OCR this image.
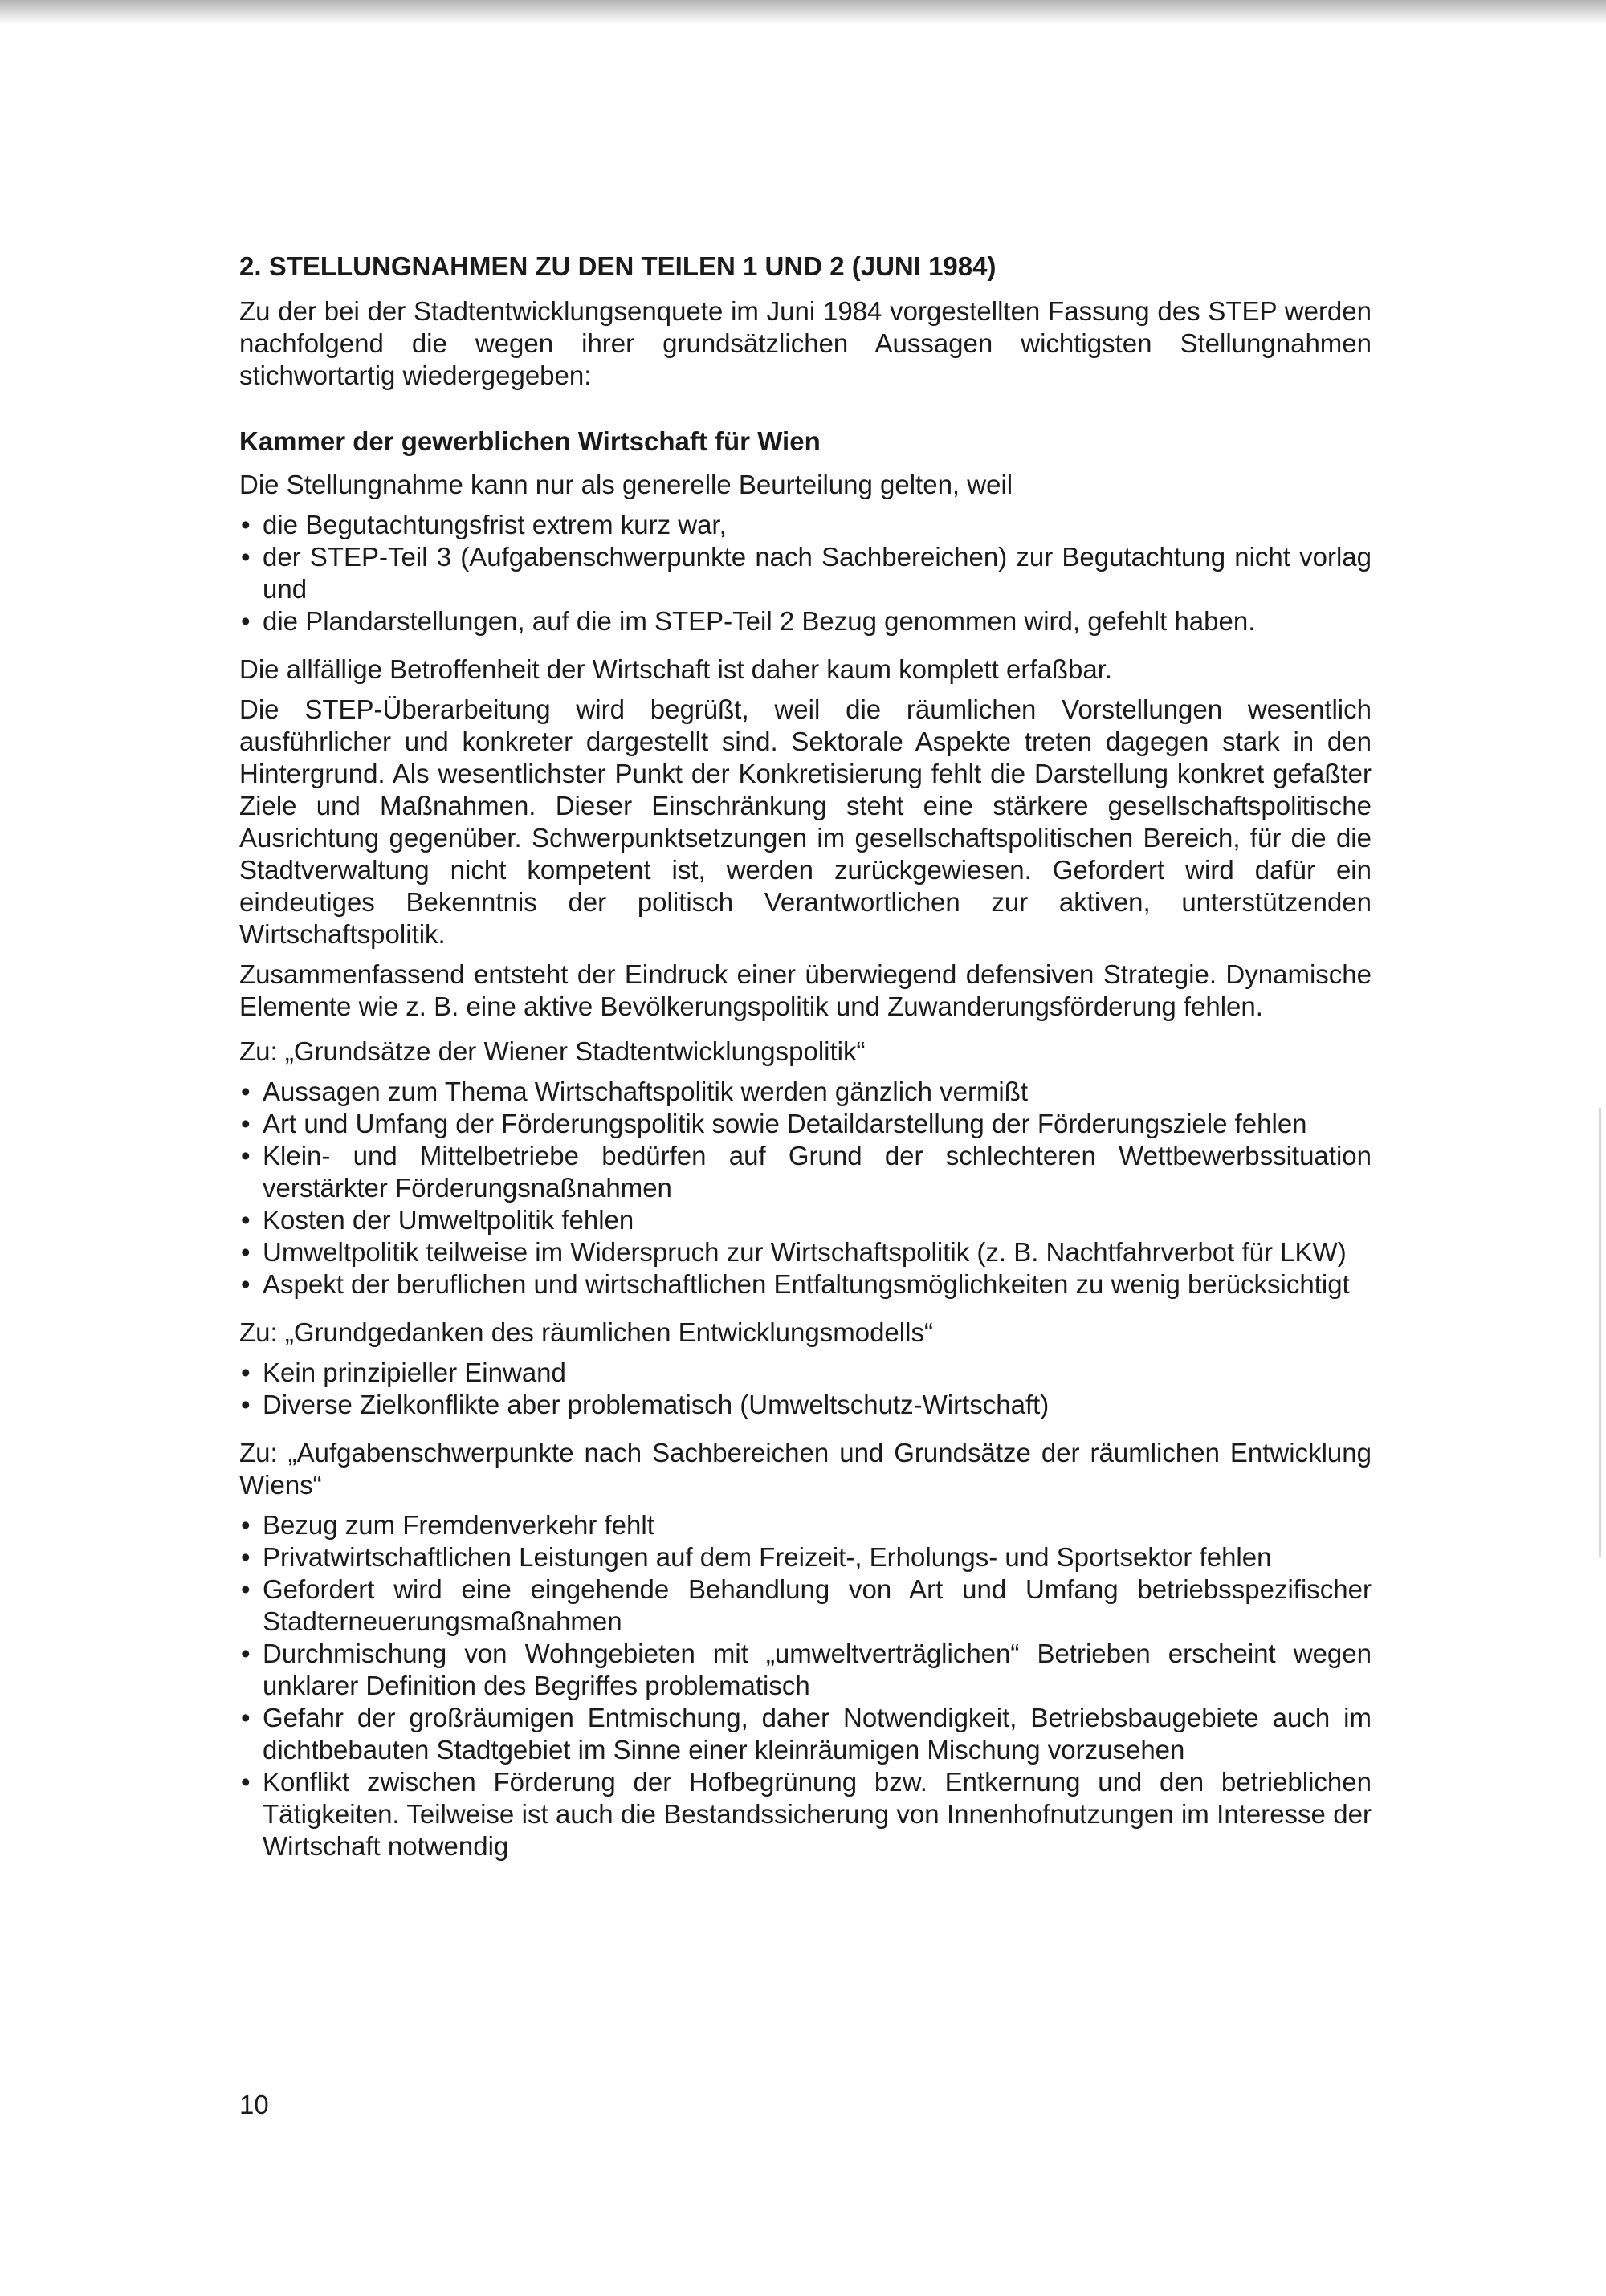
2. STELLUNGNAHMEN ZU DEN TEILEN 1 UND 2 (JUNI 1984)

Zu der bei der Stadtentwicklungsenquete im Juni 1984 vorgestellten Fassung des STEP werden nachfolgend die wegen ihrer grundsätzlichen Aussagen wichtigsten Stellungnahmen stichwortartig wiedergegeben:

Kammer der gewerblichen Wirtschaft für Wien

Die Stellungnahme kann nur als generelle Beurteilung gelten, weil

• die Begutachtungsfrist extrem kurz war,
• der STEP-Teil 3 (Aufgabenschwerpunkte nach Sachbereichen) zur Begutachtung nicht vorlag und
• die Plandarstellungen, auf die im STEP-Teil 2 Bezug genommen wird, gefehlt haben.

Die allfällige Betroffenheit der Wirtschaft ist daher kaum komplett erfaßbar.

Die STEP-Überarbeitung wird begrüßt, weil die räumlichen Vorstellungen wesentlich ausführlicher und konkreter dargestellt sind. Sektorale Aspekte treten dagegen stark in den Hintergrund. Als wesentlichster Punkt der Konkretisierung fehlt die Darstellung konkret gefaßter Ziele und Maßnahmen. Dieser Einschränkung steht eine stärkere gesellschaftspolitische Ausrichtung gegenüber. Schwerpunktsetzungen im gesellschaftspolitischen Bereich, für die die Stadtverwaltung nicht kompetent ist, werden zurückgewiesen. Gefordert wird dafür ein eindeutiges Bekenntnis der politisch Verantwortlichen zur aktiven, unterstützenden Wirtschaftspolitik.

Zusammenfassend entsteht der Eindruck einer überwiegend defensiven Strategie. Dynamische Elemente wie z. B. eine aktive Bevölkerungspolitik und Zuwanderungsförderung fehlen.

Zu: „Grundsätze der Wiener Stadtentwicklungspolitik“

• Aussagen zum Thema Wirtschaftspolitik werden gänzlich vermißt
• Art und Umfang der Förderungspolitik sowie Detaildarstellung der Förderungsziele fehlen
• Klein- und Mittelbetriebe bedürfen auf Grund der schlechteren Wettbewerbssituation verstärkter Förderungsnaßnahmen
• Kosten der Umweltpolitik fehlen
• Umweltpolitik teilweise im Widerspruch zur Wirtschaftspolitik (z. B. Nachtfahrverbot für LKW)
• Aspekt der beruflichen und wirtschaftlichen Entfaltungsmöglichkeiten zu wenig berücksichtigt

Zu: „Grundgedanken des räumlichen Entwicklungsmodells“

• Kein prinzipieller Einwand
• Diverse Zielkonflikte aber problematisch (Umweltschutz-Wirtschaft)

Zu: „Aufgabenschwerpunkte nach Sachbereichen und Grundsätze der räumlichen Entwicklung Wiens“

• Bezug zum Fremdenverkehr fehlt
• Privatwirtschaftlichen Leistungen auf dem Freizeit-, Erholungs- und Sportsektor fehlen
• Gefordert wird eine eingehende Behandlung von Art und Umfang betriebsspezifischer Stadterneuerungsmaßnahmen
• Durchmischung von Wohngebieten mit „umweltverträglichen“ Betrieben erscheint wegen unklarer Definition des Begriffes problematisch
• Gefahr der großräumigen Entmischung, daher Notwendigkeit, Betriebsbaugebiete auch im dichtbebauten Stadtgebiet im Sinne einer kleinräumigen Mischung vorzusehen
• Konflikt zwischen Förderung der Hofbegrünung bzw. Entkernung und den betrieblichen Tätigkeiten. Teilweise ist auch die Bestandssicherung von Innenhofnutzungen im Interesse der Wirtschaft notwendig
10
